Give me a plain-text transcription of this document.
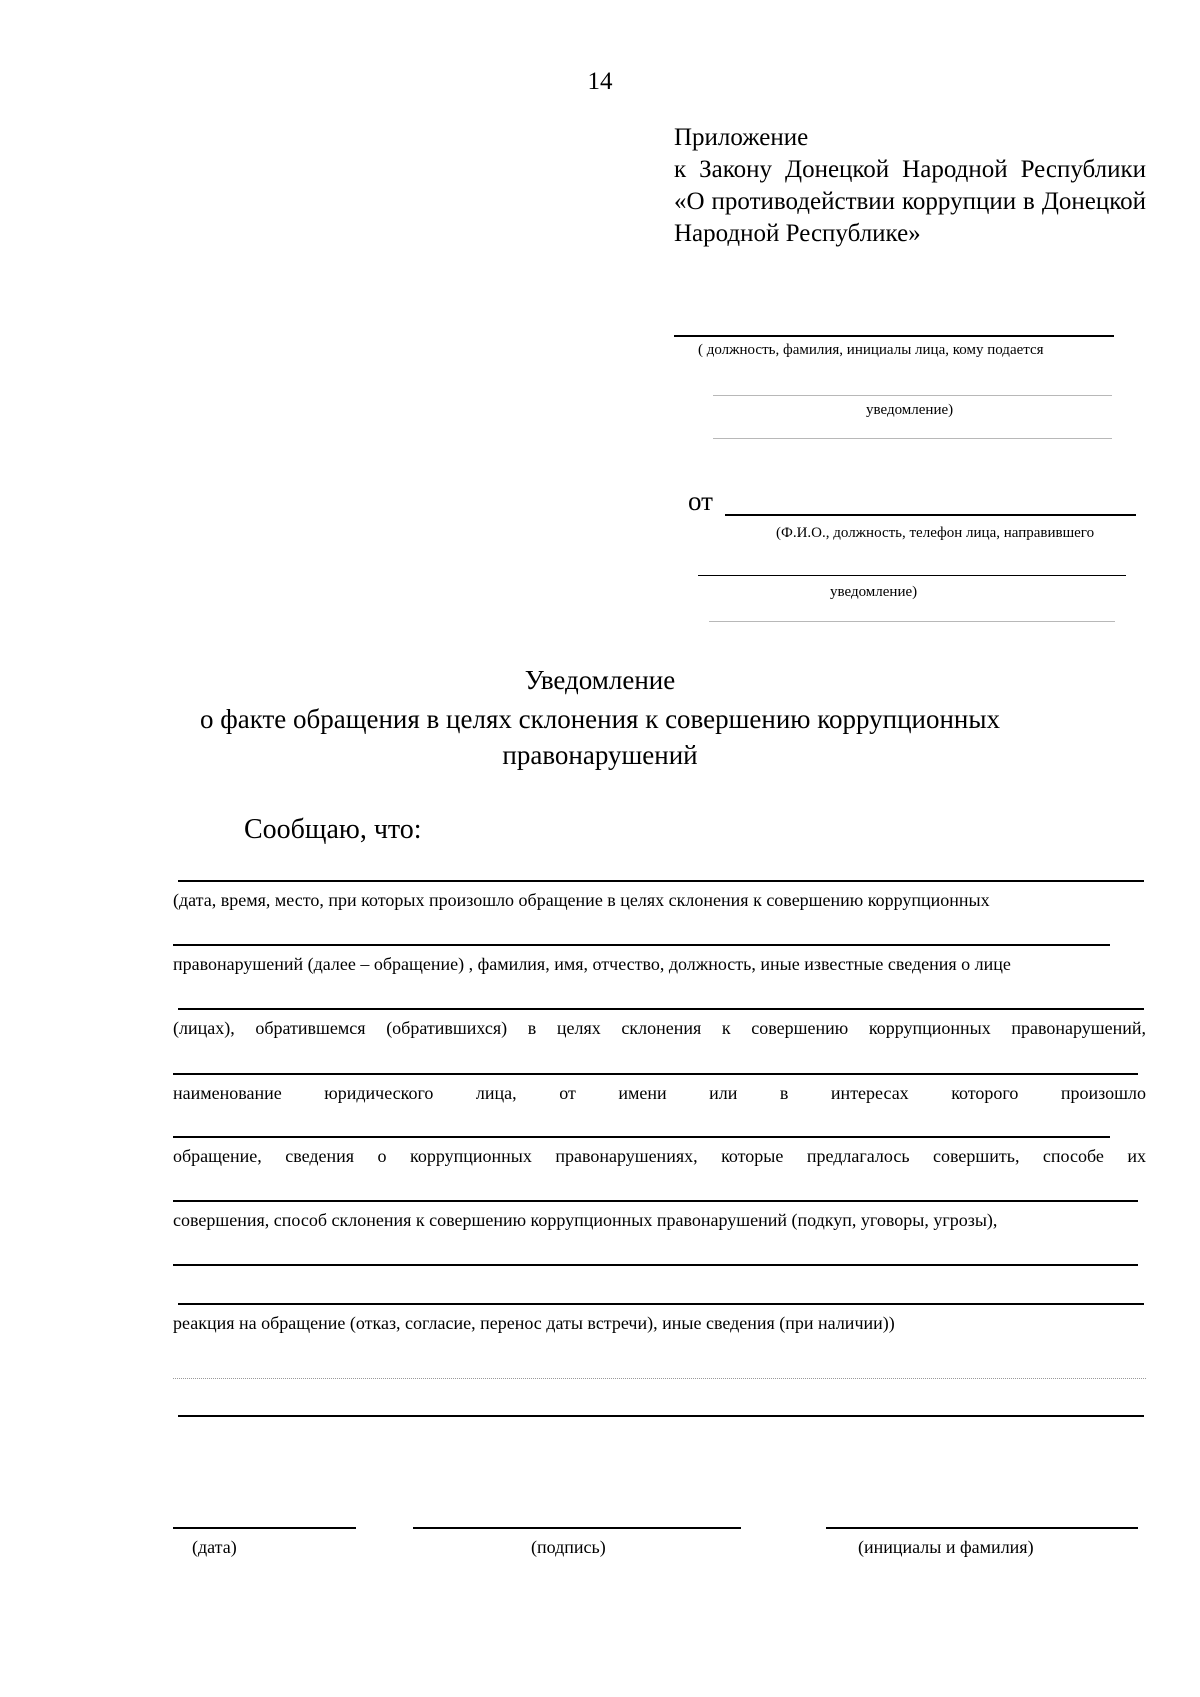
14
Приложение
к Закону Донецкой Народной Республики
«О противодействии коррупции в Донецкой
Народной Республике»
( должность, фамилия, инициалы лица, кому подается
уведомление)
от
(Ф.И.О., должность, телефон лица, направившего
уведомление)
Уведомление
о факте обращения в целях склонения к совершению коррупционных
правонарушений
Сообщаю, что:
(дата, время, место, при которых произошло обращение в целях склонения к совершению коррупционных
правонарушений (далее – обращение) , фамилия, имя, отчество, должность, иные известные сведения о лице
(лицах), обратившемся (обратившихся) в целях склонения к совершению коррупционных правонарушений,
наименование юридического лица, от имени или в интересах которого произошло
обращение, сведения о коррупционных правонарушениях, которые предлагалось совершить, способе их
совершения, способ склонения к совершению коррупционных правонарушений (подкуп, уговоры, угрозы),
реакция на обращение (отказ, согласие, перенос даты встречи), иные сведения (при наличии))
(дата)	(подпись)	(инициалы и фамилия)
